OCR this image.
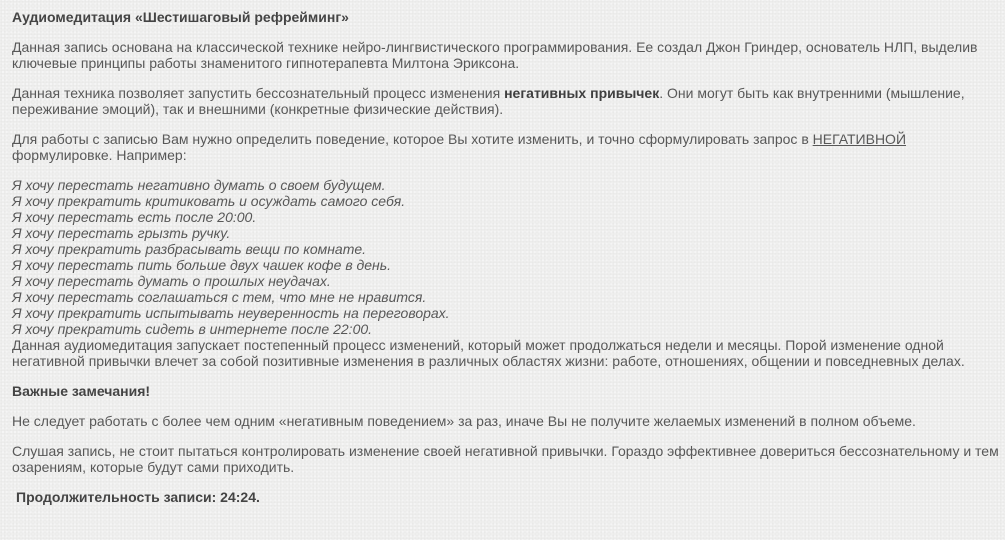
Аудиомедитация «Шестишаговый рефрейминг»

Данная запись основана на классической технике нейро-лингвистического программирования. Ее создал Джон Гриндер, основатель НЛП, выделив ключевые принципы работы знаменитого гипнотерапевта Милтона Эриксона.

Данная техника позволяет запустить бессознательный процесс изменения негативных привычек. Они могут быть как внутренними (мышление, переживание эмоций), так и внешними (конкретные физические действия).

Для работы с записью Вам нужно определить поведение, которое Вы хотите изменить, и точно сформулировать запрос в НЕГАТИВНОЙ формулировке. Например:

Я хочу перестать негативно думать о своем будущем.

Я хочу прекратить критиковать и осуждать самого себя.

Я хочу перестать есть после 20:00.

Я хочу перестать грызть ручку.

Я хочу прекратить разбрасывать вещи по комнате.

Я хочу перестать пить больше двух чашек кофе в день.

Я хочу перестать думать о прошлых неудачах.

Я хочу перестать соглашаться с тем, что мне не нравится.

Я хочу прекратить испытывать неуверенность на переговорах.

Я хочу прекратить сидеть в интернете после 22:00.

Данная аудиомедитация запускает постепенный процесс изменений, который может продолжаться недели и месяцы. Порой изменение одной негативной привычки влечет за собой позитивные изменения в различных областях жизни: работе, отношениях, общении и повседневных делах.

Важные замечания!

Не следует работать с более чем одним «негативным поведением» за раз, иначе Вы не получите желаемых изменений в полном объеме.

Слушая запись, не стоит пытаться контролировать изменение своей негативной привычки. Гораздо эффективнее довериться бессознательному и тем озарениям, которые будут сами приходить.

Продолжительность записи: 24:24.
